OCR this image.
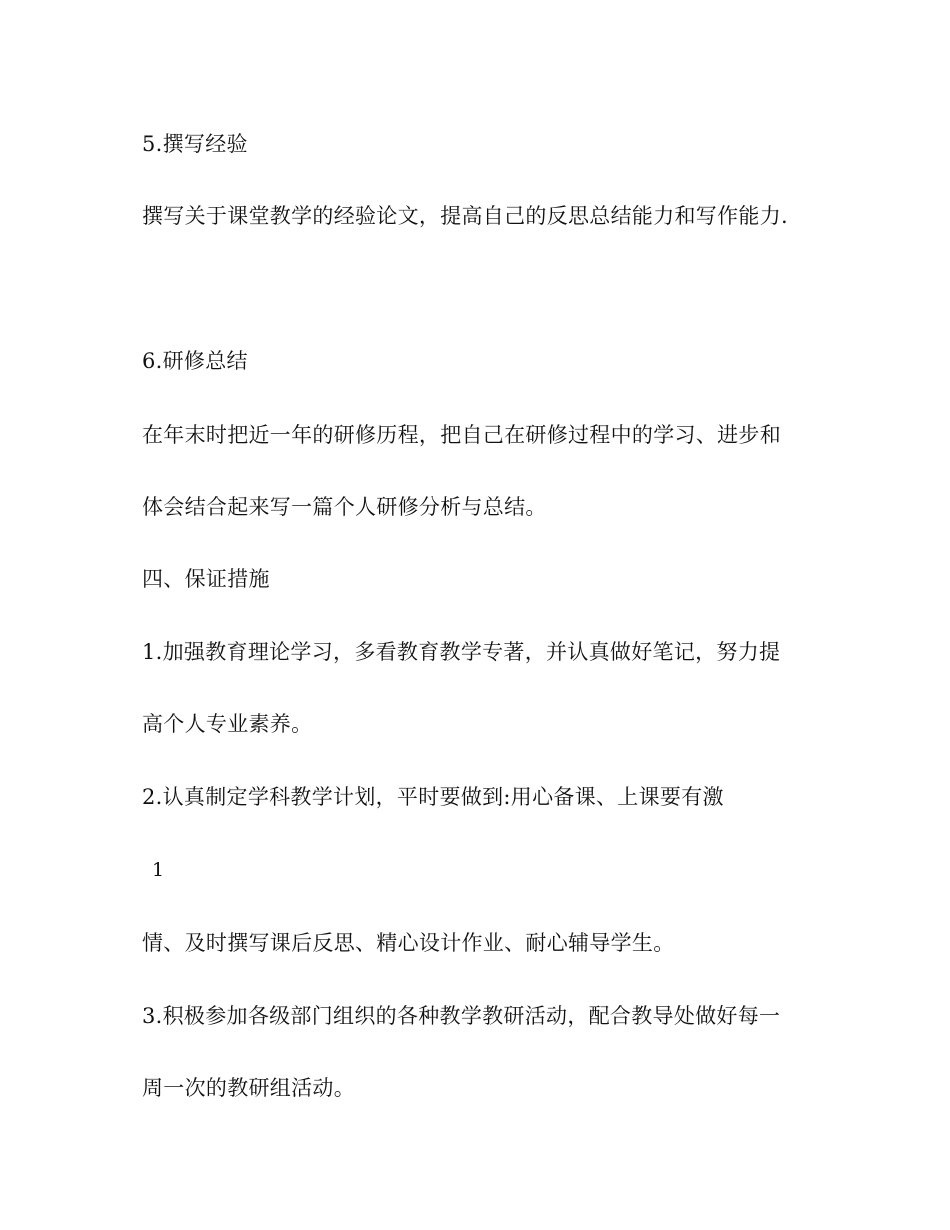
5.撰写经验
撰写关于课堂教学的经验论文，提高自己的反思总结能力和写作能力.
6.研修总结
在年末时把近一年的研修历程，把自己在研修过程中的学习、进步和
体会结合起来写一篇个人研修分析与总结。
四、保证措施
1.加强教育理论学习，多看教育教学专著，并认真做好笔记，努力提
高个人专业素养。
2.认真制定学科教学计划，平时要做到:用心备课、上课要有激
1
情、及时撰写课后反思、精心设计作业、耐心辅导学生。
3.积极参加各级部门组织的各种教学教研活动，配合教导处做好每一
周一次的教研组活动。
